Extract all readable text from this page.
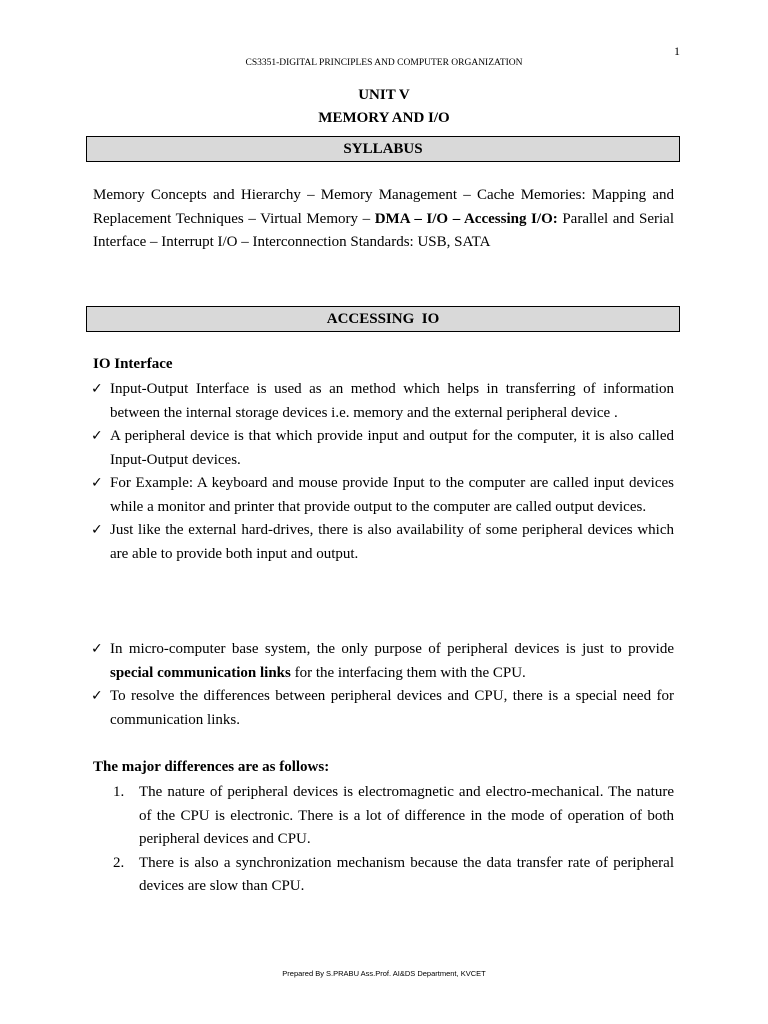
1
CS3351-DIGITAL PRINCIPLES AND COMPUTER ORGANIZATION
UNIT V
MEMORY AND I/O
SYLLABUS
Memory Concepts and Hierarchy – Memory Management – Cache Memories: Mapping and Replacement Techniques – Virtual Memory – DMA – I/O – Accessing I/O: Parallel and Serial Interface – Interrupt I/O – Interconnection Standards: USB, SATA
ACCESSING  IO
IO Interface
✓ Input-Output Interface is used as an method which helps in transferring of information between the internal storage devices i.e. memory and the external peripheral device .
✓ A peripheral device is that which provide input and output for the computer, it is also called Input-Output devices.
✓ For Example: A keyboard and mouse provide Input to the computer are called input devices while a monitor and printer that provide output to the computer are called output devices.
✓ Just like the external hard-drives, there is also availability of some peripheral devices which are able to provide both input and output.
✓ In micro-computer base system, the only purpose of peripheral devices is just to provide special communication links for the interfacing them with the CPU.
✓ To resolve the differences between peripheral devices and CPU, there is a special need for communication links.
The major differences are as follows:
1. The nature of peripheral devices is electromagnetic and electro-mechanical. The nature of the CPU is electronic. There is a lot of difference in the mode of operation of both peripheral devices and CPU.
2. There is also a synchronization mechanism because the data transfer rate of peripheral devices are slow than CPU.
Prepared By S.PRABU Ass.Prof. AI&DS Department, KVCET
